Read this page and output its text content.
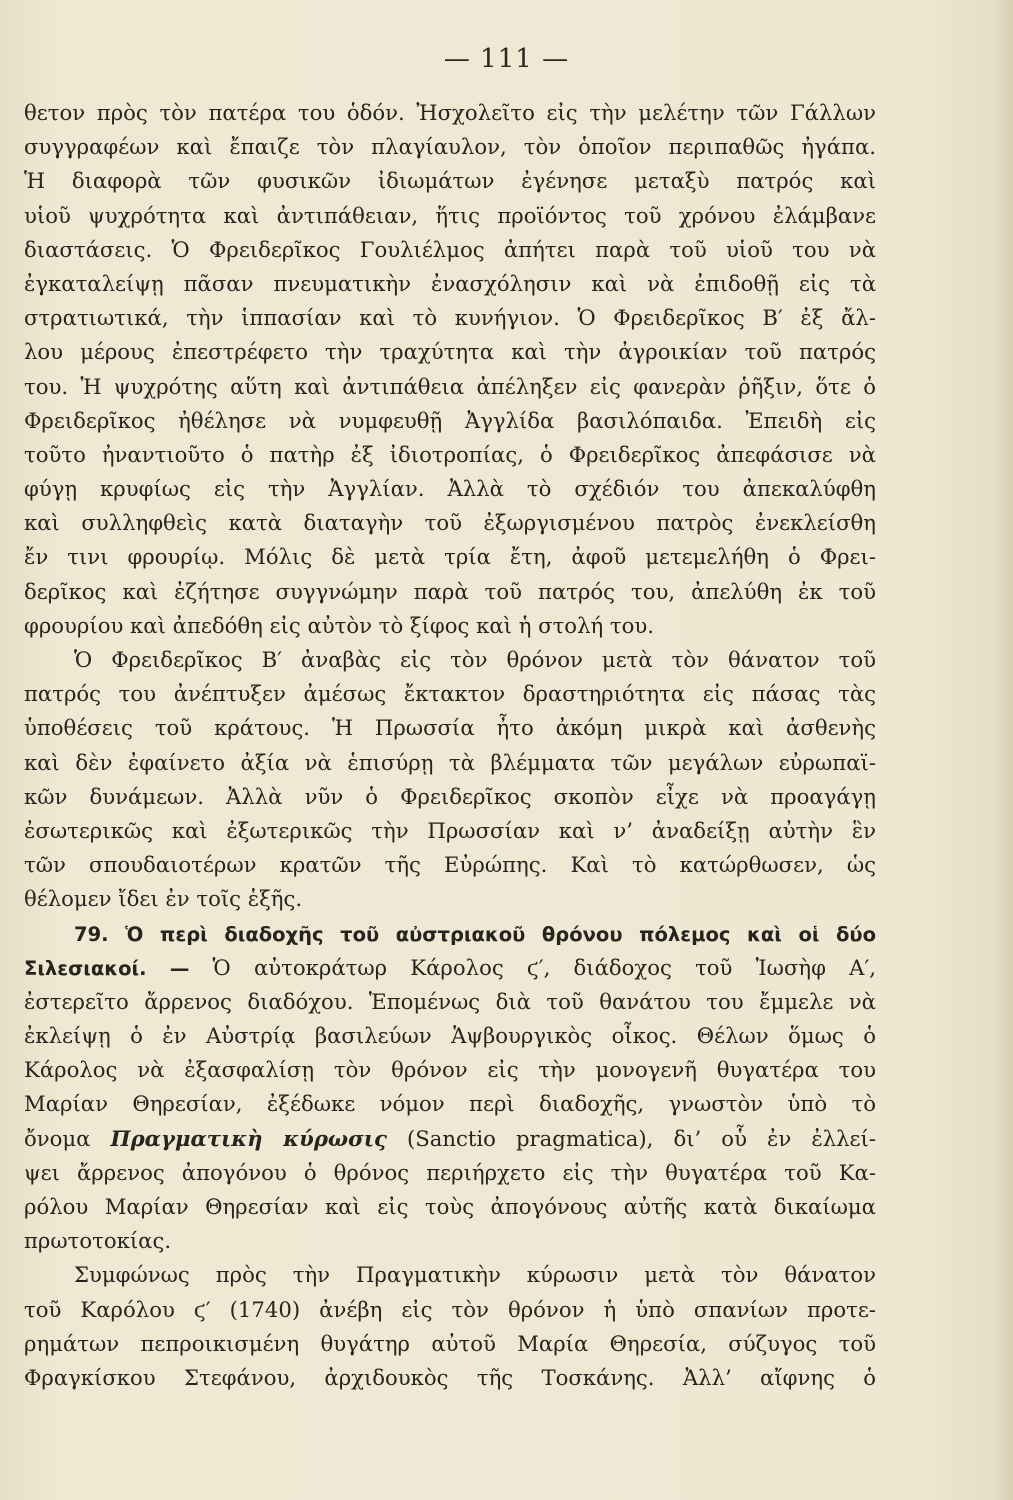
— 111 —
θετον πρὸς τὸν πατέρα του ὁδόν. Ἠσχολεῖτο εἰς τὴν μελέτην τῶν Γάλλων
συγγραφέων καὶ ἔπαιζε τὸν πλαγίαυλον, τὸν ὁποῖον περιπαθῶς ἠγάπα.
Ἡ διαφορὰ τῶν φυσικῶν ἰδιωμάτων ἐγένησε μεταξὺ πατρός καὶ
υἱοῦ ψυχρότητα καὶ ἀντιπάθειαν, ἥτις προϊόντος τοῦ χρόνου ἐλάμβανε
διαστάσεις. Ὁ Φρειδερῖκος Γουλιέλμος ἀπήτει παρὰ τοῦ υἱοῦ του νὰ
ἐγκαταλείψῃ πᾶσαν πνευματικὴν ἐνασχόλησιν καὶ νὰ ἐπιδοθῇ εἰς τὰ
στρατιωτικά, τὴν ἱππασίαν καὶ τὸ κυνήγιον. Ὁ Φρειδερῖκος Β′ ἐξ ἄλ-
λου μέρους ἐπεστρέφετο τὴν τραχύτητα καὶ τὴν ἀγροικίαν τοῦ πατρός
του. Ἡ ψυχρότης αὕτη καὶ ἀντιπάθεια ἀπέληξεν εἰς φανερὰν ῥῆξιν, ὅτε ὁ
Φρειδερῖκος ἠθέλησε νὰ νυμφευθῇ Ἀγγλίδα βασιλόπαιδα. Ἐπειδὴ εἰς
τοῦτο ἠναντιοῦτο ὁ πατὴρ ἐξ ἰδιοτροπίας, ὁ Φρειδερῖκος ἀπεφάσισε νὰ
φύγῃ κρυφίως εἰς τὴν Ἀγγλίαν. Ἀλλὰ τὸ σχέδιόν του ἀπεκαλύφθη
καὶ συλληφθεὶς κατὰ διαταγὴν τοῦ ἐξωργισμένου πατρὸς ἐνεκλείσθη
ἔν τινι φρουρίῳ. Μόλις δὲ μετὰ τρία ἔτη, ἀφοῦ μετεμελήθη ὁ Φρει-
δερῖκος καὶ ἐζήτησε συγγνώμην παρὰ τοῦ πατρός του, ἀπελύθη ἐκ τοῦ
φρουρίου καὶ ἀπεδόθη εἰς αὐτὸν τὸ ξίφος καὶ ἡ στολή του.
Ὁ Φρειδερῖκος Β′ ἀναβὰς εἰς τὸν θρόνον μετὰ τὸν θάνατον τοῦ
πατρός του ἀνέπτυξεν ἀμέσως ἔκτακτον δραστηριότητα εἰς πάσας τὰς
ὑποθέσεις τοῦ κράτους. Ἡ Πρωσσία ἦτο ἀκόμη μικρὰ καὶ ἀσθενὴς
καὶ δὲν ἐφαίνετο ἀξία νὰ ἑπισύρῃ τὰ βλέμματα τῶν μεγάλων εὐρωπαϊ-
κῶν δυνάμεων. Ἀλλὰ νῦν ὁ Φρειδερῖκος σκοπὸν εἶχε νὰ προαγάγῃ
ἐσωτερικῶς καὶ ἐξωτερικῶς τὴν Πρωσσίαν καὶ ν’ ἀναδείξῃ αὐτὴν ἓν
τῶν σπουδαιοτέρων κρατῶν τῆς Εὐρώπης. Καὶ τὸ κατώρθωσεν, ὡς
θέλομεν ἴδει ἐν τοῖς ἑξῆς.
79. Ὁ περὶ διαδοχῆς τοῦ αὐστριακοῦ θρόνου πόλεμος καὶ οἱ δύο
Σιλεσιακοί. — Ὁ αὐτοκράτωρ Κάρολος ϛ′, διάδοχος τοῦ Ἰωσὴφ Α′,
ἐστερεῖτο ἄρρενος διαδόχου. Ἑπομένως διὰ τοῦ θανάτου του ἔμμελε νὰ
ἐκλείψῃ ὁ ἐν Αὐστρίᾳ βασιλεύων Ἁψβουργικὸς οἶκος. Θέλων ὅμως ὁ
Κάρολος νὰ ἐξασφαλίσῃ τὸν θρόνον εἰς τὴν μονογενῆ θυγατέρα του
Μαρίαν Θηρεσίαν, ἐξέδωκε νόμον περὶ διαδοχῆς, γνωστὸν ὑπὸ τὸ
ὄνομα Πραγματικὴ κύρωσις (Sanctio pragmatica), δι’ οὗ ἐν ἐλλεί-
ψει ἄρρενος ἀπογόνου ὁ θρόνος περιήρχετο εἰς τὴν θυγατέρα τοῦ Κα-
ρόλου Μαρίαν Θηρεσίαν καὶ εἰς τοὺς ἀπογόνους αὐτῆς κατὰ δικαίωμα
πρωτοτοκίας.
Συμφώνως πρὸς τὴν Πραγματικὴν κύρωσιν μετὰ τὸν θάνατον
τοῦ Καρόλου ϛ′ (1740) ἀνέβη εἰς τὸν θρόνον ἡ ὑπὸ σπανίων προτε-
ρημάτων πεπροικισμένη θυγάτηρ αὐτοῦ Μαρία Θηρεσία, σύζυγος τοῦ
Φραγκίσκου Στεφάνου, ἀρχιδουκὸς τῆς Τοσκάνης. Ἀλλ’ αἴφνης ὁ
